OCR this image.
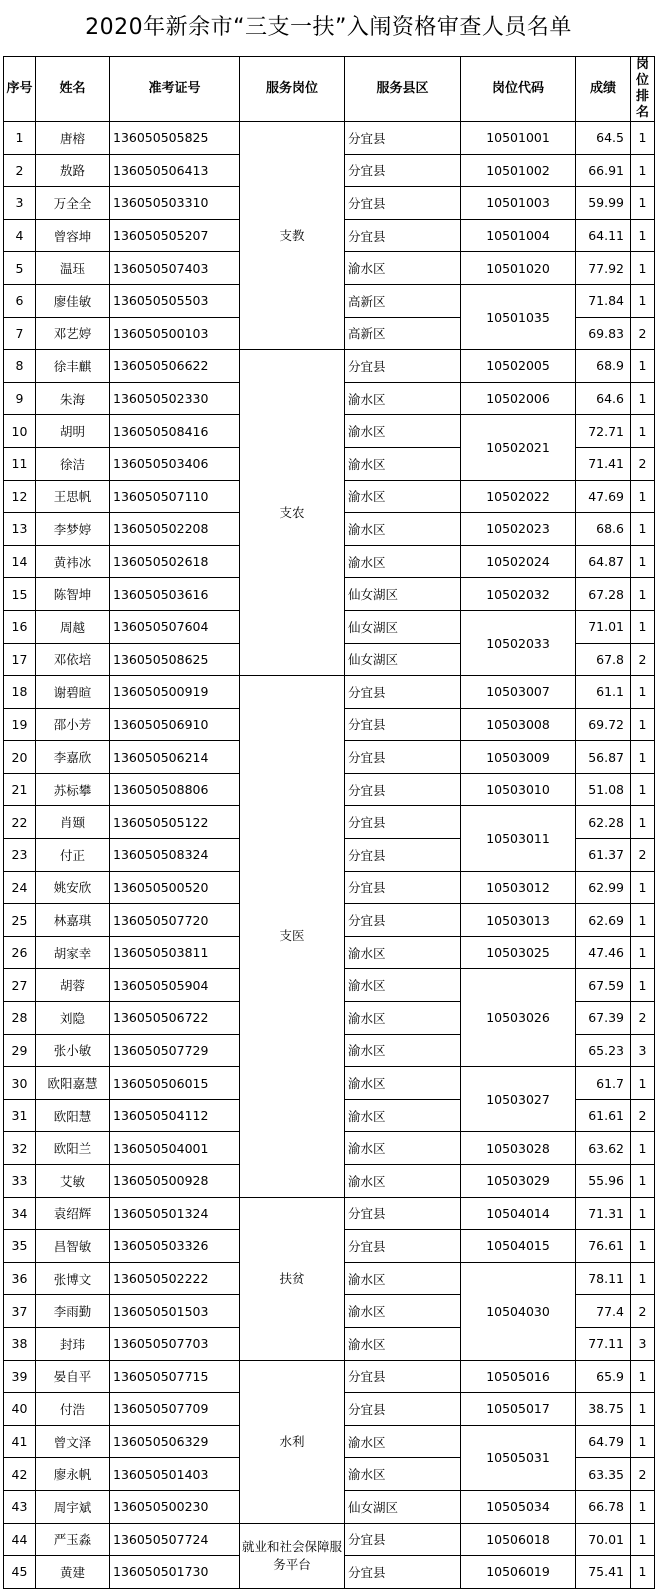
2020年新余市“三支一扶”入闱资格审查人员名单
序号	姓名	准考证号	服务岗位	服务县区	岗位代码	成绩	岗位排名
1	唐榕	136050505825	支教	分宜县	10501001	64.5	1
2	敖路	136050506413		分宜县	10501002	66.91	1
3	万全全	136050503310		分宜县	10501003	59.99	1
4	曾容坤	136050505207		分宜县	10501004	64.11	1
5	温珏	136050507403		渝水区	10501020	77.92	1
6	廖佳敏	136050505503		高新区	10501035	71.84	1
7	邓艺婷	136050500103		高新区		69.83	2
8	徐丰麒	136050506622	支农	分宜县	10502005	68.9	1
9	朱海	136050502330		渝水区	10502006	64.6	1
10	胡明	136050508416		渝水区	10502021	72.71	1
11	徐洁	136050503406		渝水区		71.41	2
12	王思帆	136050507110		渝水区	10502022	47.69	1
13	李梦婷	136050502208		渝水区	10502023	68.6	1
14	黄祎冰	136050502618		渝水区	10502024	64.87	1
15	陈智坤	136050503616		仙女湖区	10502032	67.28	1
16	周越	136050507604		仙女湖区	10502033	71.01	1
17	邓依培	136050508625		仙女湖区		67.8	2
18	谢碧暄	136050500919	支医	分宜县	10503007	61.1	1
19	邵小芳	136050506910		分宜县	10503008	69.72	1
20	李嘉欣	136050506214		分宜县	10503009	56.87	1
21	苏标攀	136050508806		分宜县	10503010	51.08	1
22	肖颋	136050505122		分宜县	10503011	62.28	1
23	付正	136050508324		分宜县		61.37	2
24	姚安欣	136050500520		分宜县	10503012	62.99	1
25	林嘉琪	136050507720		分宜县	10503013	62.69	1
26	胡家幸	136050503811		渝水区	10503025	47.46	1
27	胡蓉	136050505904		渝水区	10503026	67.59	1
28	刘隐	136050506722		渝水区		67.39	2
29	张小敏	136050507729		渝水区		65.23	3
30	欧阳嘉慧	136050506015		渝水区	10503027	61.7	1
31	欧阳慧	136050504112		渝水区		61.61	2
32	欧阳兰	136050504001		渝水区	10503028	63.62	1
33	艾敏	136050500928		渝水区	10503029	55.96	1
34	袁绍辉	136050501324	扶贫	分宜县	10504014	71.31	1
35	昌智敏	136050503326		分宜县	10504015	76.61	1
36	张博文	136050502222		渝水区	10504030	78.11	1
37	李雨勤	136050501503		渝水区		77.4	2
38	封玮	136050507703		渝水区		77.11	3
39	晏自平	136050507715	水利	分宜县	10505016	65.9	1
40	付浩	136050507709		分宜县	10505017	38.75	1
41	曾文泽	136050506329		渝水区	10505031	64.79	1
42	廖永帆	136050501403		渝水区		63.35	2
43	周宇斌	136050500230		仙女湖区	10505034	66.78	1
44	严玉淼	136050507724	就业和社会保障服务平台	分宜县	10506018	70.01	1
45	黄建	136050501730		分宜县	10506019	75.41	1
